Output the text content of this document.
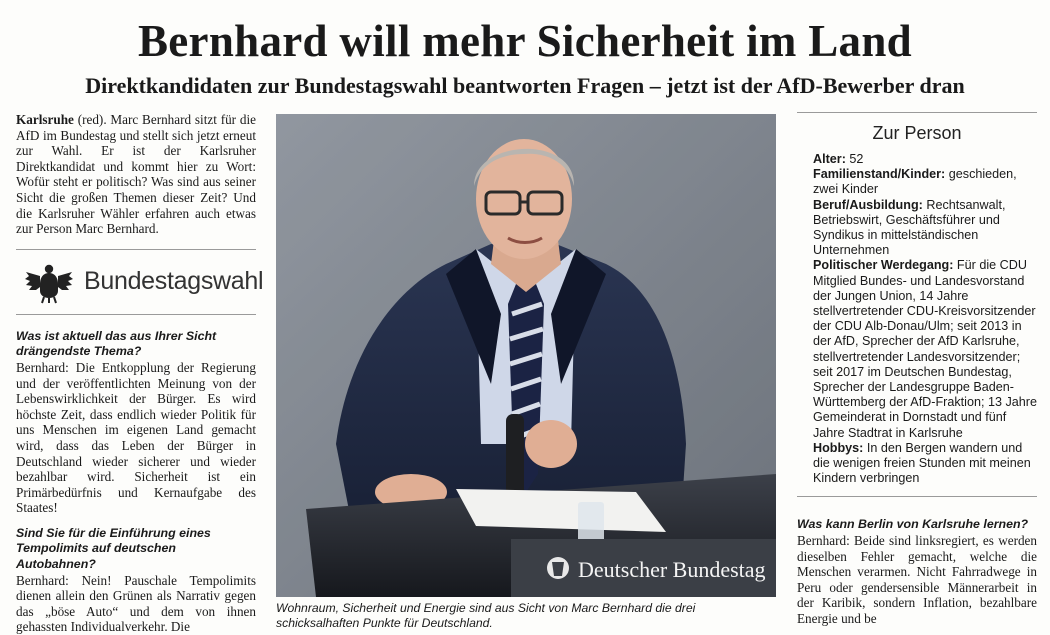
Bernhard will mehr Sicherheit im Land
Direktkandidaten zur Bundestagswahl beantworten Fragen – jetzt ist der AfD-Bewerber dran

Karlsruhe (red). Marc Bernhard sitzt für die AfD im Bundestag und stellt sich jetzt erneut zur Wahl. Er ist der Karlsruher Direktkandidat und kommt hier zu Wort: Wofür steht er politisch? Was sind aus seiner Sicht die großen Themen dieser Zeit? Und die Karlsruher Wähler erfahren auch etwas zur Person Marc Bernhard.

Bundestagswahl

Was ist aktuell das aus Ihrer Sicht drängendste Thema?

Bernhard: Die Entkopplung der Regierung und der veröffentlichten Meinung von der Lebenswirklichkeit der Bürger. Es wird höchste Zeit, dass endlich wieder Politik für uns Menschen im eigenen Land gemacht wird, dass das Leben der Bürger in Deutschland wieder sicherer und wieder bezahlbar wird. Sicherheit ist ein Primärbedürfnis und Kernaufgabe des Staates!

Sind Sie für die Einführung eines Tempolimits auf deutschen Autobahnen?

Bernhard: Nein! Pauschale Tempolimits dienen allein den Grünen als Narrativ gegen das „böse Auto“ und dem von ihnen gehassten Individualverkehr. Die

Deutscher Bundestag

Wohnraum, Sicherheit und Energie sind aus Sicht von Marc Bernhard die drei schicksalhaften Punkte für Deutschland.

Zur Person

Alter: 52

Familienstand/Kinder: geschieden, zwei Kinder

Beruf/Ausbildung: Rechtsanwalt, Betriebswirt, Geschäftsführer und Syndikus in mittelständischen Unternehmen

Politischer Werdegang: Für die CDU Mitglied Bundes- und Landesvorstand der Jungen Union, 14 Jahre stellvertretender CDU-Kreisvorsitzender der CDU Alb-Donau/Ulm; seit 2013 in der AfD, Sprecher der AfD Karlsruhe, stellvertretender Landesvorsitzender; seit 2017 im Deutschen Bundestag, Sprecher der Landesgruppe Baden-Württemberg der AfD-Fraktion; 13 Jahre Gemeinderat in Dornstadt und fünf Jahre Stadtrat in Karlsruhe

Hobbys: In den Bergen wandern und die wenigen freien Stunden mit meinen Kindern verbringen

Was kann Berlin von Karlsruhe lernen?

Bernhard: Beide sind linksregiert, es werden dieselben Fehler gemacht, welche die Menschen verarmen. Nicht Fahrradwege in Peru oder gendersensible Männerarbeit in der Karibik, sondern Inflation, bezahlbare Energie und be
